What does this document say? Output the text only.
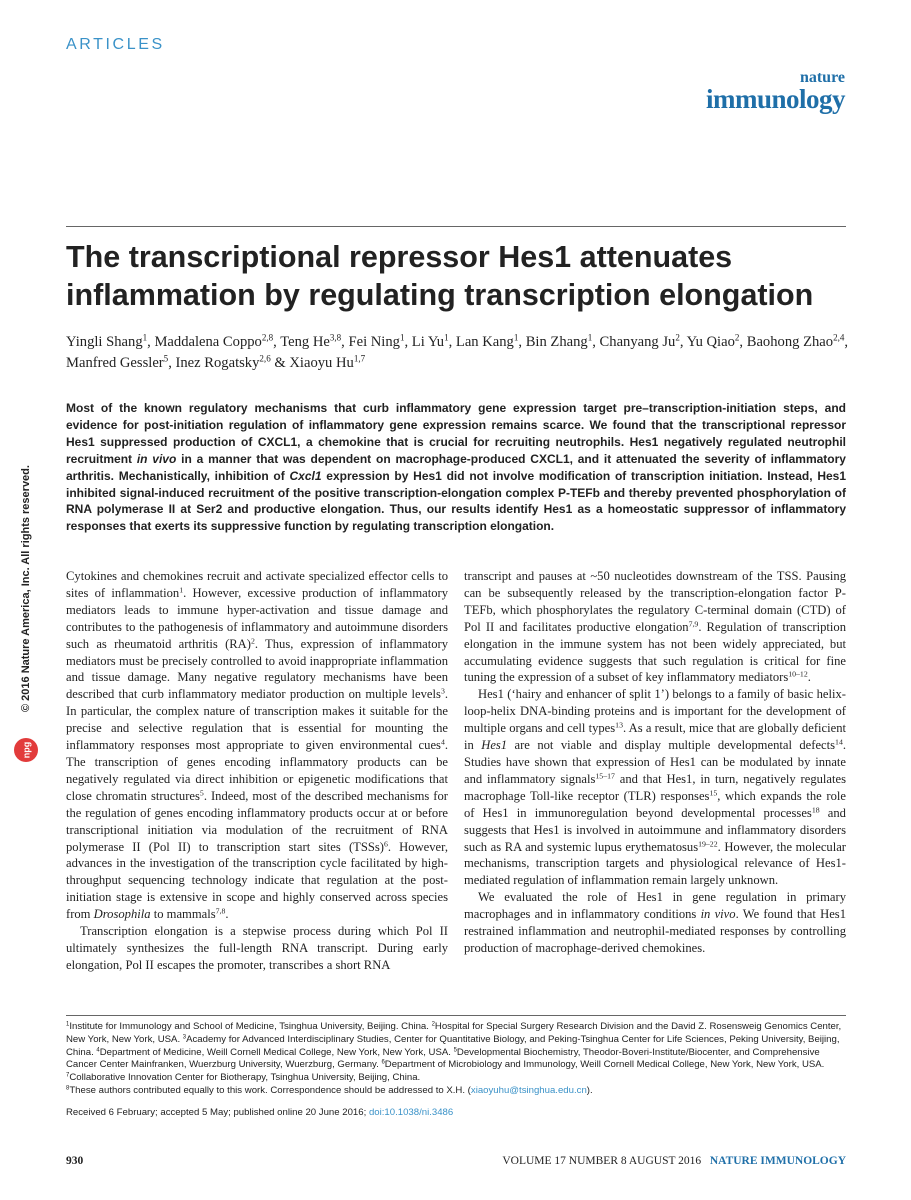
ARTICLES
nature
immunology
The transcriptional repressor Hes1 attenuates
inflammation by regulating transcription elongation
Yingli Shang$^1$, Maddalena Coppo$^{2,8}$, Teng He$^{3,8}$, Fei Ning$^1$, Li Yu$^1$, Lan Kang$^1$, Bin Zhang$^1$, Chanyang Ju$^2$, Yu Qiao$^2$, Baohong Zhao$^{2,4}$, Manfred Gessler$^5$, Inez Rogatsky$^{2,6}$ & Xiaoyu Hu$^{1,7}$

Most of the known regulatory mechanisms that curb inflammatory gene expression target pre–transcription-initiation steps, and evidence for post-initiation regulation of inflammatory gene expression remains scarce. We found that the transcriptional repressor Hes1 suppressed production of CXCL1, a chemokine that is crucial for recruiting neutrophils. Hes1 negatively regulated neutrophil recruitment in vivo in a manner that was dependent on macrophage-produced CXCL1, and it attenuated the severity of inflammatory arthritis. Mechanistically, inhibition of Cxcl1 expression by Hes1 did not involve modification of transcription initiation. Instead, Hes1 inhibited signal-induced recruitment of the positive transcription-elongation complex P-TEFb and thereby prevented phosphorylation of RNA polymerase II at Ser2 and productive elongation. Thus, our results identify Hes1 as a homeostatic suppressor of inflammatory responses that exerts its suppressive function by regulating transcription elongation.

Cytokines and chemokines recruit and activate specialized effector cells to sites of inflammation$^1$. However, excessive production of inflammatory mediators leads to immune hyper-activation and tissue damage and contributes to the pathogenesis of inflammatory and autoimmune disorders such as rheumatoid arthritis (RA)$^2$. Thus, expression of inflammatory mediators must be precisely controlled to avoid inappropriate inflammation and tissue damage. Many negative regulatory mechanisms have been described that curb inflammatory mediator production on multiple levels$^3$. In particular, the complex nature of transcription makes it suitable for the precise and selective regulation that is essential for mounting the inflammatory responses most appropriate to given environmental cues$^4$. The transcription of genes encoding inflammatory products can be negatively regulated via direct inhibition or epigenetic modifications that close chromatin structures$^5$. Indeed, most of the described mechanisms for the regulation of genes encoding inflammatory products occur at or before transcriptional initiation via modulation of the recruitment of RNA polymerase II (Pol II) to transcription start sites (TSSs)$^6$. However, advances in the investigation of the transcription cycle facilitated by high-throughput sequencing technology indicate that regulation at the post-initiation stage is extensive in scope and highly conserved across species from Drosophila to mammals$^{7,8}$.

Transcription elongation is a stepwise process during which Pol II ultimately synthesizes the full-length RNA transcript. During early elongation, Pol II escapes the promoter, transcribes a short RNA

transcript and pauses at ~50 nucleotides downstream of the TSS. Pausing can be subsequently released by the transcription-elongation factor P-TEFb, which phosphorylates the regulatory C-terminal domain (CTD) of Pol II and facilitates productive elongation$^{7,9}$. Regulation of transcription elongation in the immune system has not been widely appreciated, but accumulating evidence suggests that such regulation is critical for fine tuning the expression of a subset of key inflammatory mediators$^{10-12}$.

Hes1 (‘hairy and enhancer of split 1’) belongs to a family of basic helix-loop-helix DNA-binding proteins and is important for the development of multiple organs and cell types$^{13}$. As a result, mice that are globally deficient in Hes1 are not viable and display multiple developmental defects$^{14}$. Studies have shown that expression of Hes1 can be modulated by innate and inflammatory signals$^{15-17}$ and that Hes1, in turn, negatively regulates macrophage Toll-like receptor (TLR) responses$^{15}$, which expands the role of Hes1 in immunoregulation beyond developmental processes$^{18}$ and suggests that Hes1 is involved in autoimmune and inflammatory disorders such as RA and systemic lupus erythematosus$^{19-22}$. However, the molecular mechanisms, transcription targets and physiological relevance of Hes1-mediated regulation of inflammation remain largely unknown.

We evaluated the role of Hes1 in gene regulation in primary macrophages and in inflammatory conditions in vivo. We found that Hes1 restrained inflammation and neutrophil-mediated responses by controlling production of macrophage-derived chemokines.

© 2016 Nature America, Inc. All rights reserved.
npg

$^1$Institute for Immunology and School of Medicine, Tsinghua University, Beijing. China. $^2$Hospital for Special Surgery Research Division and the David Z. Rosensweig Genomics Center, New York, New York, USA. $^3$Academy for Advanced Interdisciplinary Studies, Center for Quantitative Biology, and Peking-Tsinghua Center for Life Sciences, Peking University, Beijing, China. $^4$Department of Medicine, Weill Cornell Medical College, New York, New York, USA. $^5$Developmental Biochemistry, Theodor-Boveri-Institute/Biocenter, and Comprehensive Cancer Center Mainfranken, Wuerzburg University, Wuerzburg, Germany. $^6$Department of Microbiology and Immunology, Weill Cornell Medical College, New York, New York, USA. $^7$Collaborative Innovation Center for Biotherapy, Tsinghua University, Beijing, China.
$^8$These authors contributed equally to this work. Correspondence should be addressed to X.H. (xiaoyuhu@tsinghua.edu.cn).

Received 6 February; accepted 5 May; published online 20 June 2016; doi:10.1038/ni.3486
930	VOLUME 17 NUMBER 8 AUGUST 2016 NATURE IMMUNOLOGY
